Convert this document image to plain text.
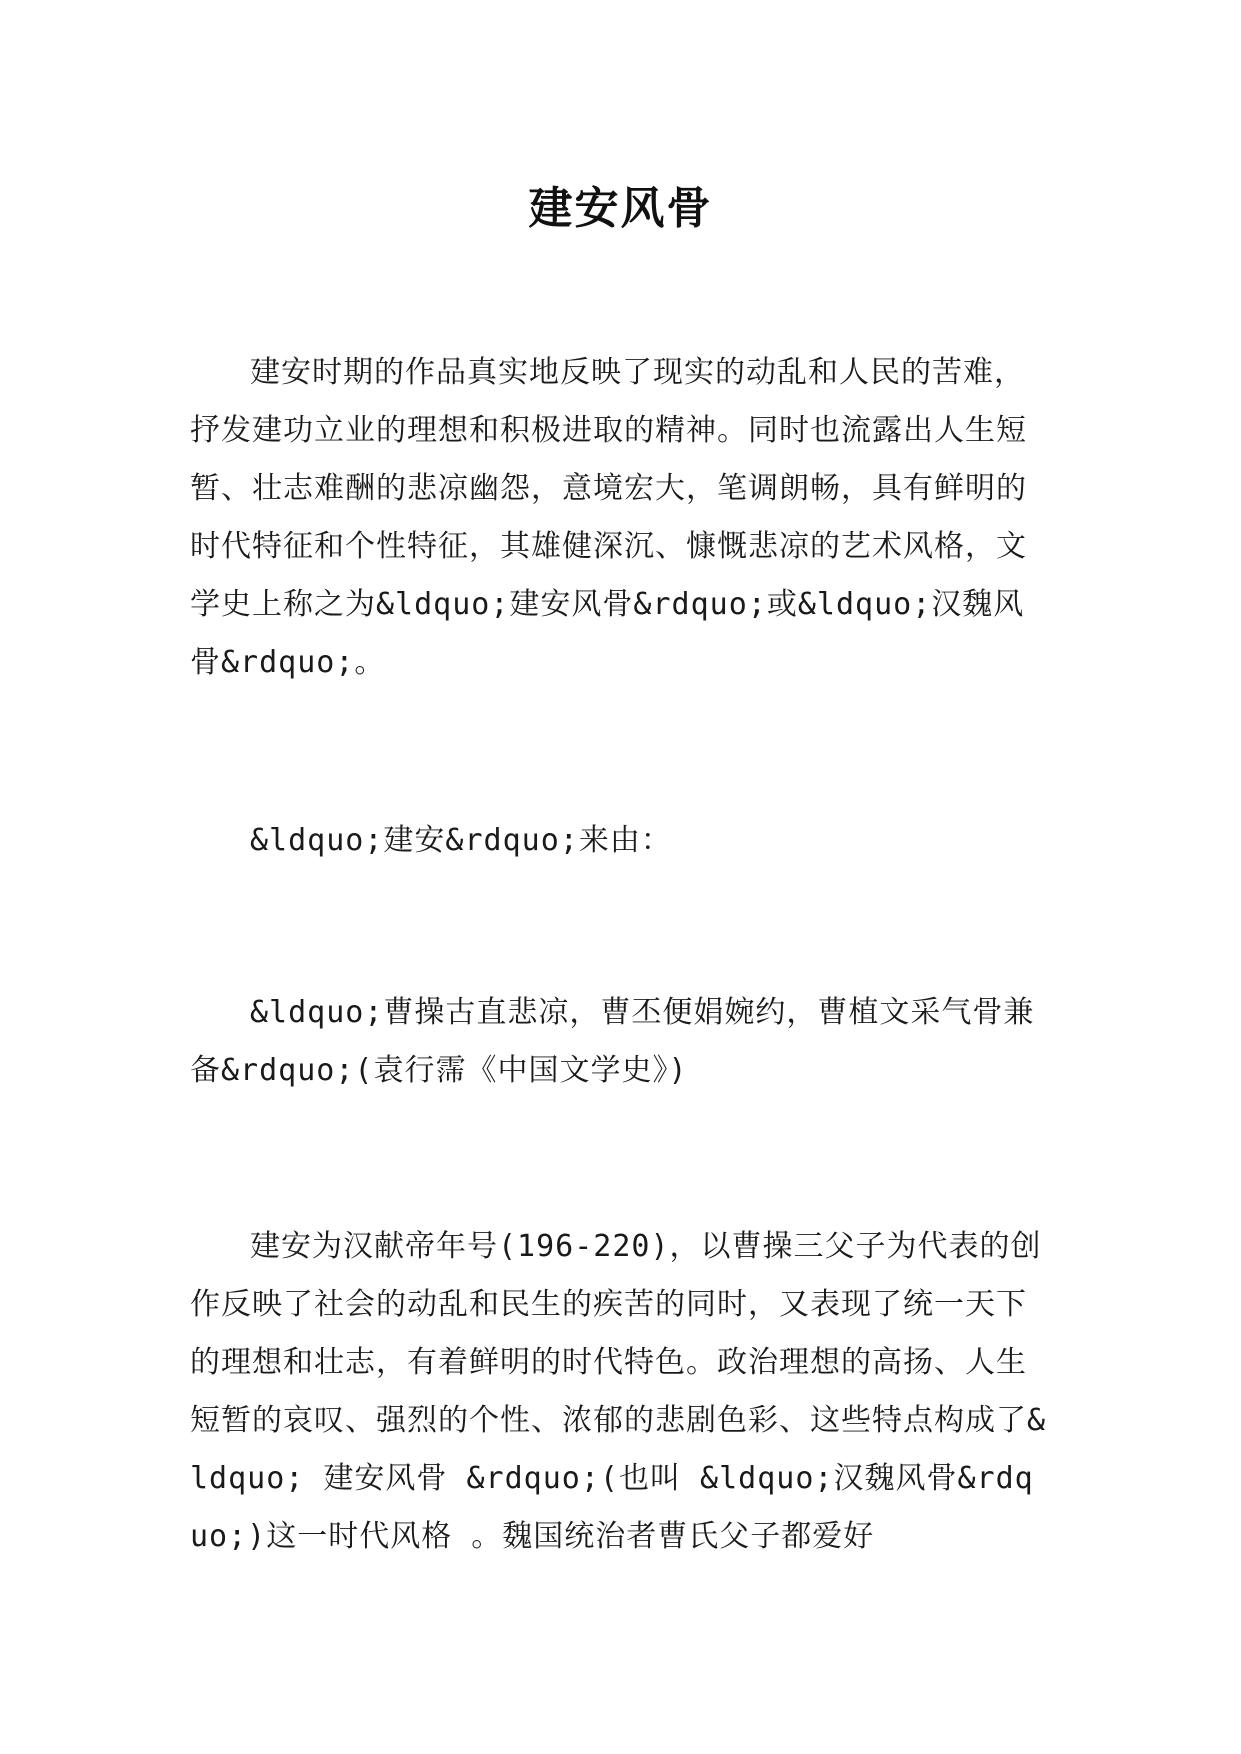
建安风骨

建安时期的作品真实地反映了现实的动乱和人民的苦难，抒发建功立业的理想和积极进取的精神。同时也流露出人生短暂、壮志难酬的悲凉幽怨，意境宏大，笔调朗畅，具有鲜明的时代特征和个性特征，其雄健深沉、慷慨悲凉的艺术风格，文学史上称之为&ldquo;建安风骨&rdquo;或&ldquo;汉魏风骨&rdquo;。

&ldquo;建安&rdquo;来由：

&ldquo;曹操古直悲凉，曹丕便娟婉约，曹植文采气骨兼备&rdquo;(袁行霈《中国文学史》)

建安为汉献帝年号(196-220)，以曹操三父子为代表的创作反映了社会的动乱和民生的疾苦的同时，又表现了统一天下的理想和壮志，有着鲜明的时代特色。政治理想的高扬、人生短暂的哀叹、强烈的个性、浓郁的悲剧色彩、这些特点构成了&ldquo; 建安风骨 &rdquo;(也叫 &ldquo;汉魏风骨&rdquo;)这一时代风格 。魏国统治者曹氏父子都爱好
